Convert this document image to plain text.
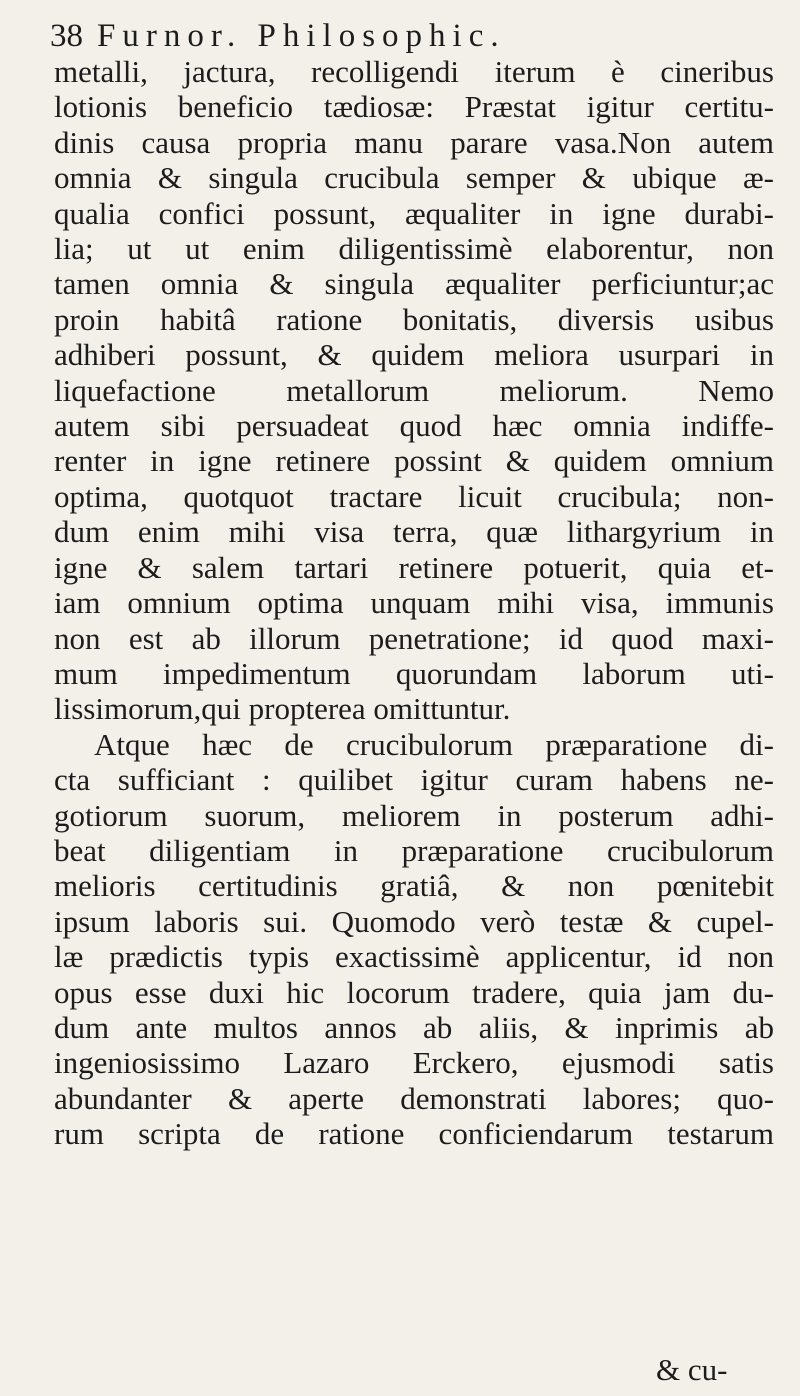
38 Furnor. Philosophic.
metalli, jactura, recolligendi iterum è cineribus
lotionis beneficio tædiosæ: Præstat igitur certitu-
dinis causa propria manu parare vasa.Non autem
omnia & singula crucibula semper & ubique æ-
qualia confici possunt, æqualiter in igne durabi-
lia; ut ut enim diligentissimè elaborentur, non
tamen omnia & singula æqualiter perficiuntur;ac
proin habitâ ratione bonitatis, diversis usibus
adhiberi possunt, & quidem meliora usurpari in
liquefactione metallorum meliorum. Nemo
autem sibi persuadeat quod hæc omnia indiffe-
renter in igne retinere possint & quidem omnium
optima, quotquot tractare licuit crucibula; non-
dum enim mihi visa terra, quæ lithargyrium in
igne & salem tartari retinere potuerit, quia et-
iam omnium optima unquam mihi visa, immunis
non est ab illorum penetratione; id quod maxi-
mum impedimentum quorundam laborum uti-
lissimorum,qui propterea omittuntur.
Atque hæc de crucibulorum præparatione di-
cta sufficiant : quilibet igitur curam habens ne-
gotiorum suorum, meliorem in posterum adhi-
beat diligentiam in præparatione crucibulorum
melioris certitudinis gratiâ, & non pœnitebit
ipsum laboris sui. Quomodo verò testæ & cupel-
læ prædictis typis exactissimè applicentur, id non
opus esse duxi hic locorum tradere, quia jam du-
dum ante multos annos ab aliis, & inprimis ab
ingeniosissimo Lazaro Erckero, ejusmodi satis
abundanter & aperte demonstrati labores; quo-
rum scripta de ratione conficiendarum testarum
& cu-
